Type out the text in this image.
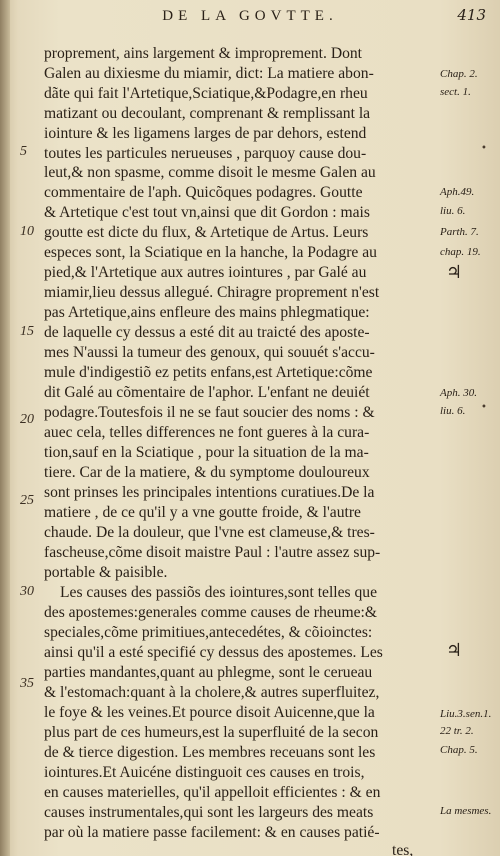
DE LA GOVTTE.	413
proprement, ains largement & improprement. Dont
Galen au dixiesme du miamir, dict: La matiere abon-
dãte qui fait l'Artetique,Sciatique,&Podagre,en rheu
matizant ou decoulant, comprenant & remplissant la
iointure & les ligamens larges de par dehors, estend
toutes les particules nerueuses , parquoy cause dou-
leut,& non spasme, comme disoit le mesme Galen au
commentaire de l'aph. Quicõques podagres. Goutte
& Artetique c'est tout vn,ainsi que dit Gordon : mais
goutte est dicte du flux, & Artetique de Artus. Leurs
especes sont, la Sciatique en la hanche, la Podagre au
pied,& l'Artetique aux autres iointures , par Galé au
miamir,lieu dessus allegué. Chiragre proprement n'est
pas Artetique,ains enfleure des mains phlegmatique:
de laquelle cy dessus a esté dit au traicté des aposte-
mes N'aussi la tumeur des genoux, qui souuét s'accu-
mule d'indigestiõ ez petits enfans,est Artetique:cõme
dit Galé au cõmentaire de l'aphor. L'enfant ne deuiét
podagre.Toutesfois il ne se faut soucier des noms : &
auec cela, telles differences ne font gueres à la cura-
tion,sauf en la Sciatique , pour la situation de la ma-
tiere. Car de la matiere, & du symptome douloureux
sont prinses les principales intentions curatiues.De la
matiere , de ce qu'il y a vne goutte froide, & l'autre
chaude. De la douleur, que l'vne est clameuse,& tres-
fascheuse,cõme disoit maistre Paul : l'autre assez sup-
portable & paisible.
Les causes des passiõs des iointures,sont telles que
des apostemes:generales comme causes de rheume:&
speciales,cõme primitiues,antecedétes, & cõioinctes:
ainsi qu'il a esté specifié cy dessus des apostemes. Les
parties mandantes,quant au phlegme, sont le cerueau
& l'estomach:quant à la cholere,& autres superfluitez,
le foye & les veines.Et pource disoit Auicenne,que la
plus part de ces humeurs,est la superfluité de la secon
de & tierce digestion. Les membres receuans sont les
iointures.Et Auicéne distinguoit ces causes en trois,
en causes materielles, qu'il appelloit efficientes : & en
causes instrumentales,qui sont les largeurs des meats
par où la matiere passe facilement: & en causes patié-
tes,
5
10
15
20
25
30
35
Chap. 2.
sect. 1.
Aph.49.
liu. 6.
Parth. 7.
chap. 19.
Aph. 30.
liu. 6.
Liu.3.sen.1.
22 tr. 2.
Chap. 5.
La mesmes.
♃
♃
•
•
